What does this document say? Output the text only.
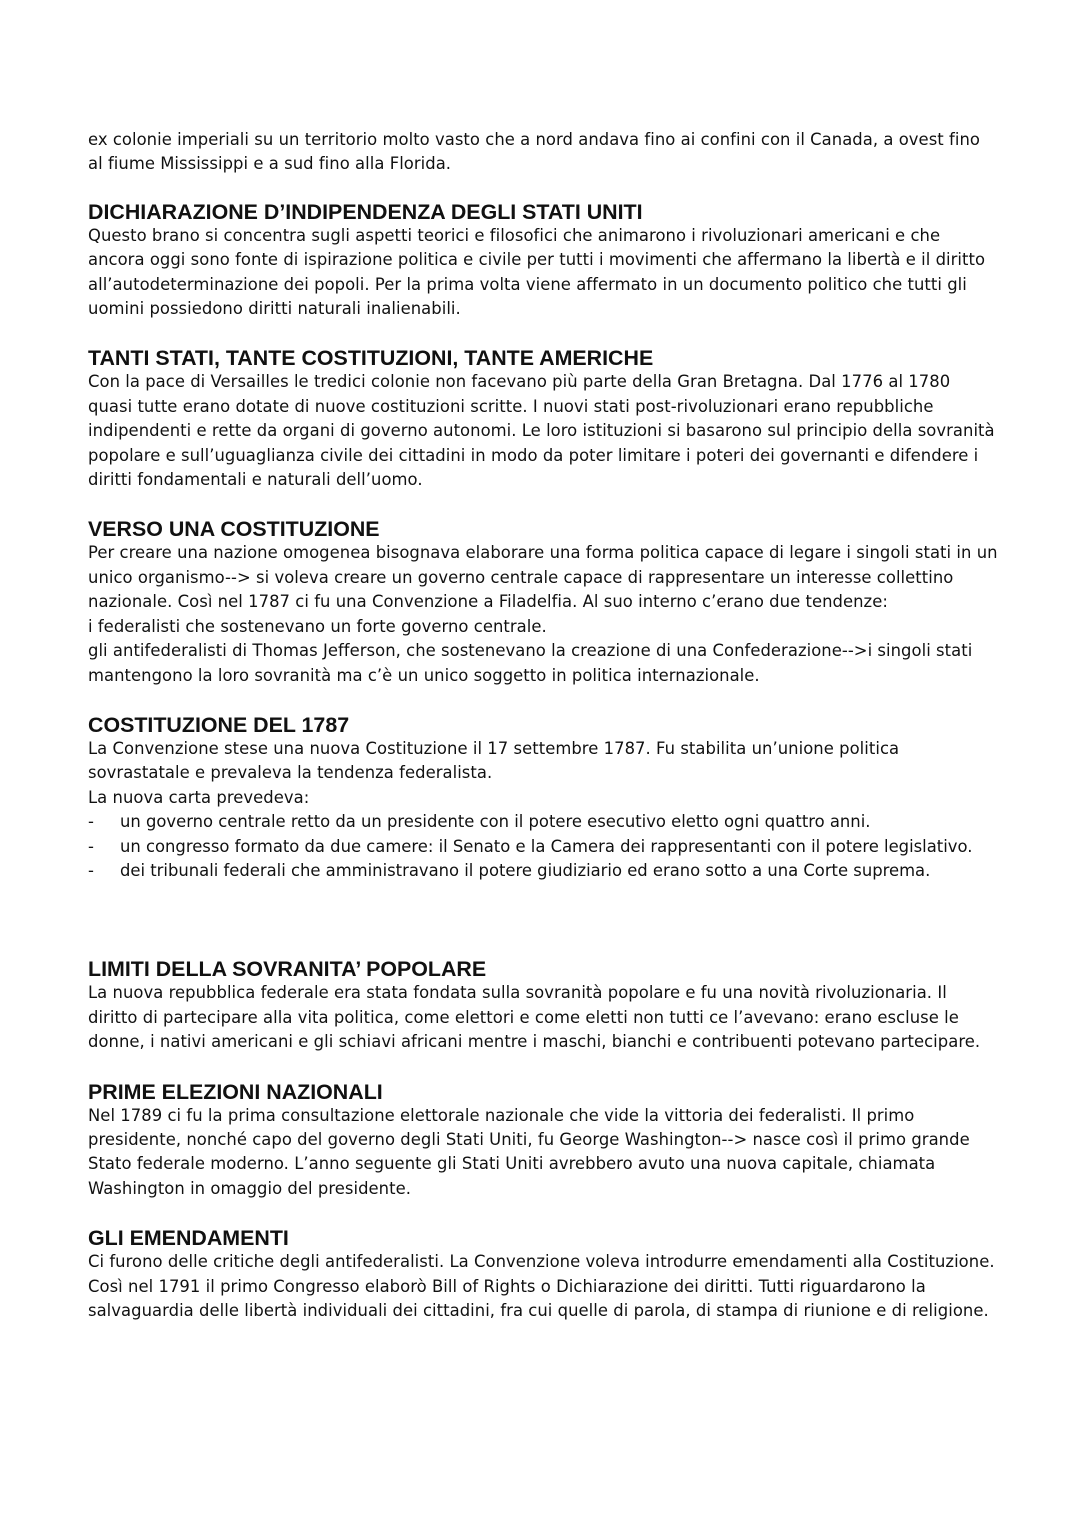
ex colonie imperiali su un territorio molto vasto che a nord andava fino ai confini con il Canada, a ovest fino al fiume Mississippi e a sud fino alla Florida.

DICHIARAZIONE D’INDIPENDENZA DEGLI STATI UNITI

Questo brano si concentra sugli aspetti teorici e filosofici che animarono i rivoluzionari americani e che ancora oggi sono fonte di ispirazione politica e civile per tutti i movimenti che affermano la libertà e il diritto all’autodeterminazione dei popoli. Per la prima volta viene affermato in un documento politico che tutti gli uomini possiedono diritti naturali inalienabili.

TANTI STATI, TANTE COSTITUZIONI, TANTE AMERICHE

Con la pace di Versailles le tredici colonie non facevano più parte della Gran Bretagna. Dal 1776 al 1780 quasi tutte erano dotate di nuove costituzioni scritte. I nuovi stati post-rivoluzionari erano repubbliche indipendenti e rette da organi di governo autonomi. Le loro istituzioni si basarono sul principio della sovranità popolare e sull’uguaglianza civile dei cittadini in modo da poter limitare i poteri dei governanti e difendere i diritti fondamentali e naturali dell’uomo.

VERSO UNA COSTITUZIONE

Per creare una nazione omogenea bisognava elaborare una forma politica capace di legare i singoli stati in un unico organismo--> si voleva creare un governo centrale capace di rappresentare un interesse collettino nazionale. Così nel 1787 ci fu una Convenzione a Filadelfia. Al suo interno c’erano due tendenze:

i federalisti che sostenevano un forte governo centrale.

gli antifederalisti di Thomas Jefferson, che sostenevano la creazione di una Confederazione-->i singoli stati mantengono la loro sovranità ma c’è un unico soggetto in politica internazionale.

COSTITUZIONE DEL 1787

La Convenzione stese una nuova Costituzione il 17 settembre 1787. Fu stabilita un’unione politica sovrastatale e prevaleva la tendenza federalista.

La nuova carta prevedeva:

- un governo centrale retto da un presidente con il potere esecutivo eletto ogni quattro anni.
- un congresso formato da due camere: il Senato e la Camera dei rappresentanti con il potere legislativo.
- dei tribunali federali che amministravano il potere giudiziario ed erano sotto a una Corte suprema.
LIMITI DELLA SOVRANITA’ POPOLARE

La nuova repubblica federale era stata fondata sulla sovranità popolare e fu una novità rivoluzionaria. Il diritto di partecipare alla vita politica, come elettori e come eletti non tutti ce l’avevano: erano escluse le donne, i nativi americani e gli schiavi africani mentre i maschi, bianchi e contribuenti potevano partecipare.

PRIME ELEZIONI NAZIONALI

Nel 1789 ci fu la prima consultazione elettorale nazionale che vide la vittoria dei federalisti. Il primo presidente, nonché capo del governo degli Stati Uniti, fu George Washington--> nasce così il primo grande Stato federale moderno. L’anno seguente gli Stati Uniti avrebbero avuto una nuova capitale, chiamata Washington in omaggio del presidente.

GLI EMENDAMENTI

Ci furono delle critiche degli antifederalisti. La Convenzione voleva introdurre emendamenti alla Costituzione. Così nel 1791 il primo Congresso elaborò Bill of Rights o Dichiarazione dei diritti. Tutti riguardarono la salvaguardia delle libertà individuali dei cittadini, fra cui quelle di parola, di stampa di riunione e di religione.
